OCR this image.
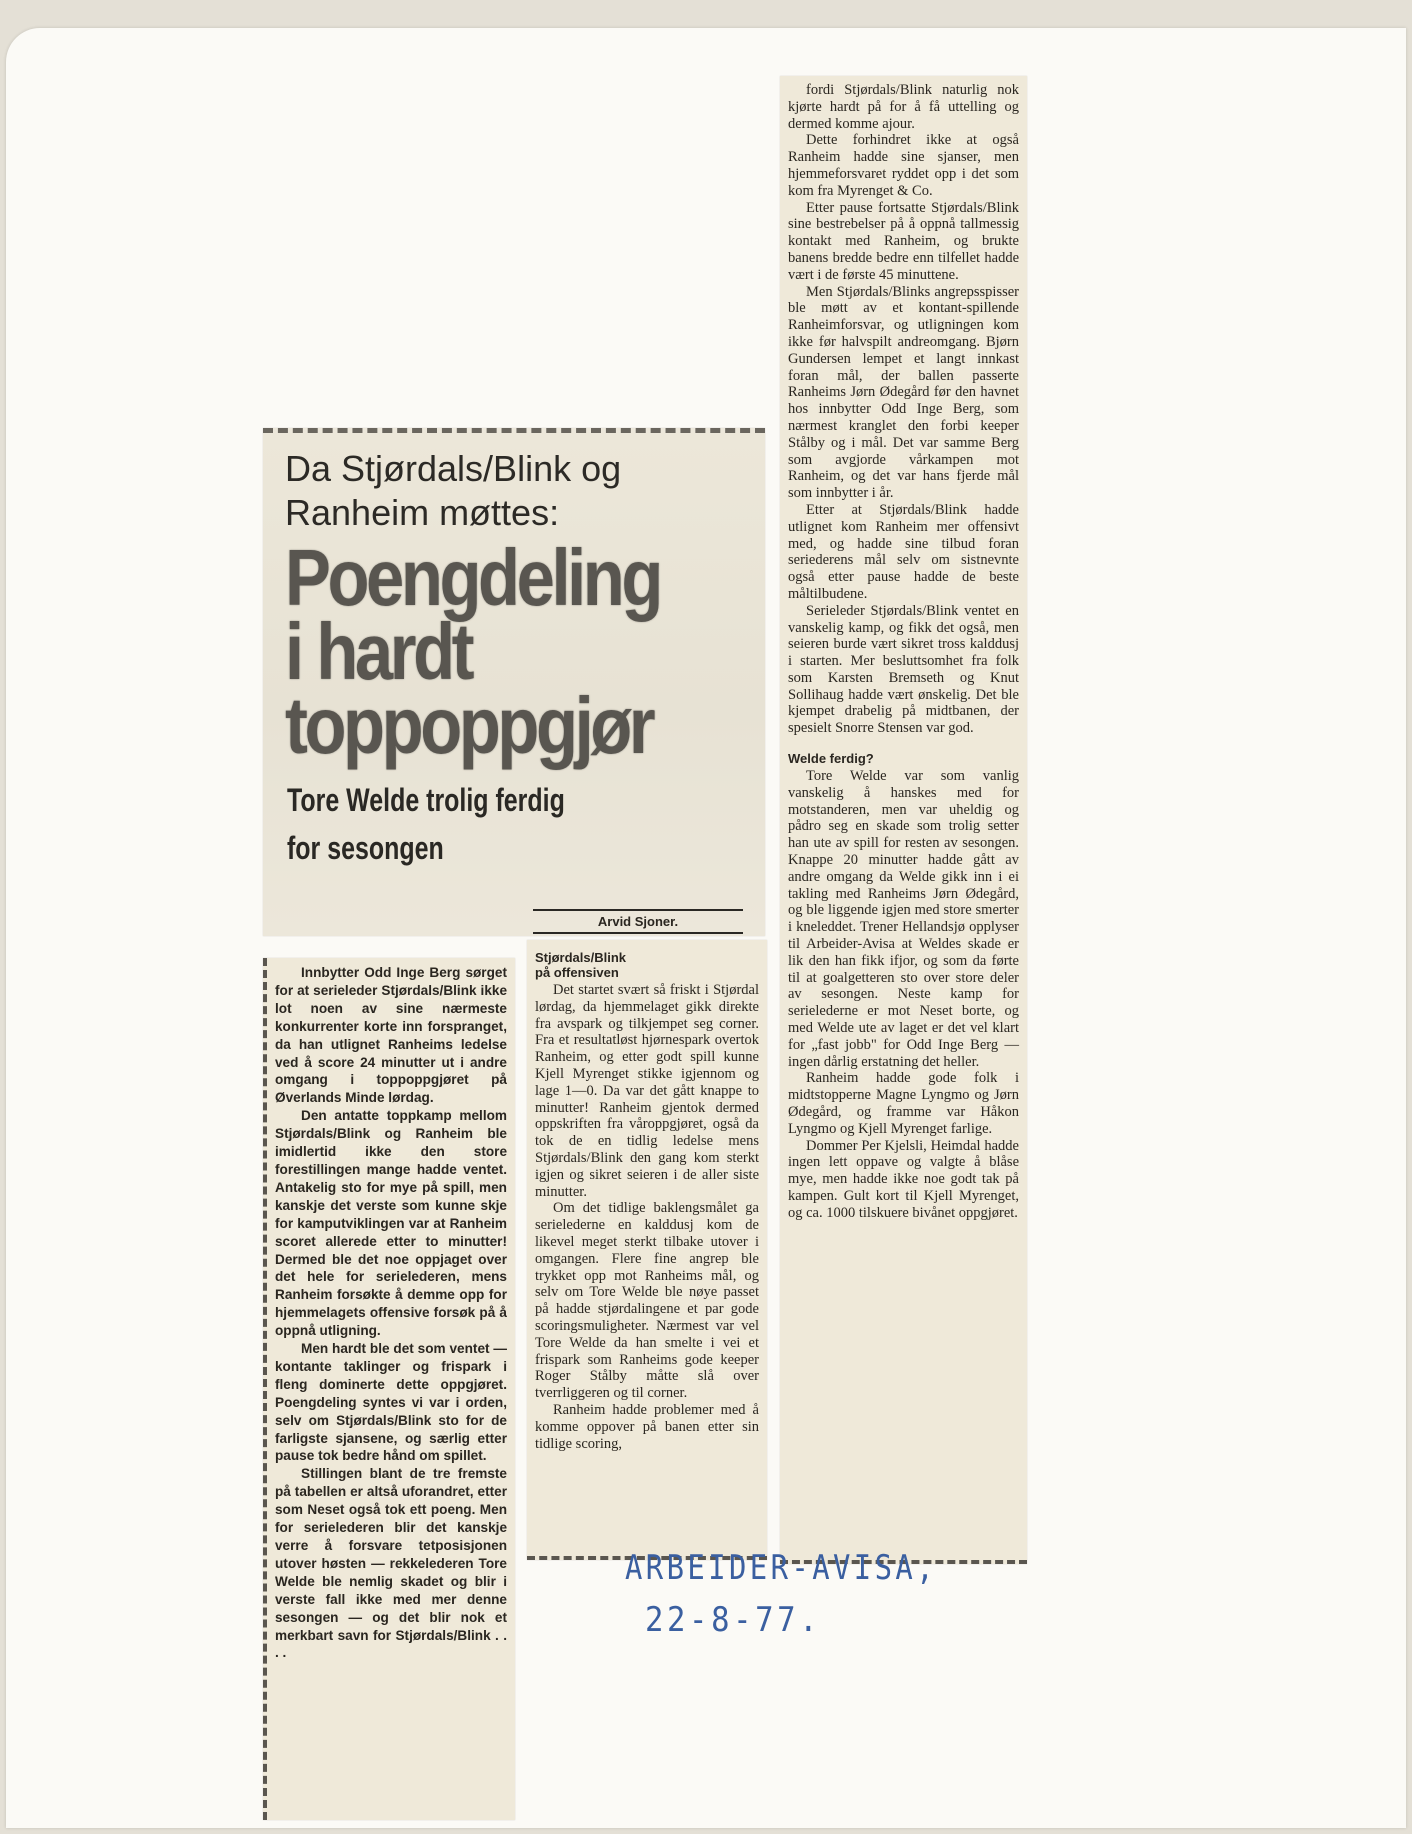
Da Stjørdals/Blink og
Ranheim møttes:
Poengdeling
i hardt
toppoppgjør
Tore Welde trolig ferdig
for sesongen
Arvid Sjoner.

Innbytter Odd Inge Berg sørget for at serieleder Stjørdals/Blink ikke lot noen av sine nærmeste konkurrenter korte inn forspranget, da han utlignet Ranheims ledelse ved å score 24 minutter ut i andre omgang i toppoppgjøret på Øverlands Minde lørdag.

Den antatte toppkamp mellom Stjørdals/Blink og Ranheim ble imidlertid ikke den store forestillingen mange hadde ventet. Antakelig sto for mye på spill, men kanskje det verste som kunne skje for kamputviklingen var at Ranheim scoret allerede etter to minutter! Dermed ble det noe oppjaget over det hele for serielederen, mens Ranheim forsøkte å demme opp for hjemmelagets offensive forsøk på å oppnå utligning.

Men hardt ble det som ventet — kontante taklinger og frispark i fleng dominerte dette oppgjøret. Poengdeling syntes vi var i orden, selv om Stjørdals/Blink sto for de farligste sjansene, og særlig etter pause tok bedre hånd om spillet.

Stillingen blant de tre fremste på tabellen er altså uforandret, etter som Neset også tok ett poeng. Men for serielederen blir det kanskje verre å forsvare tetposisjonen utover høsten — rekkelederen Tore Welde ble nemlig skadet og blir i verste fall ikke med mer denne sesongen — og det blir nok et merkbart savn for Stjørdals/Blink . . . .

Stjørdals/Blink
på offensiven

Det startet svært så friskt i Stjørdal lørdag, da hjemmelaget gikk direkte fra avspark og tilkjempet seg corner. Fra et resultatløst hjørnespark overtok Ranheim, og etter godt spill kunne Kjell Myrenget stikke igjennom og lage 1—0. Da var det gått knappe to minutter! Ranheim gjentok dermed oppskriften fra våroppgjøret, også da tok de en tidlig ledelse mens Stjørdals/Blink den gang kom sterkt igjen og sikret seieren i de aller siste minutter.

Om det tidlige baklengsmålet ga serielederne en kalddusj kom de likevel meget sterkt tilbake utover i omgangen. Flere fine angrep ble trykket opp mot Ranheims mål, og selv om Tore Welde ble nøye passet på hadde stjørdalingene et par gode scoringsmuligheter. Nærmest var vel Tore Welde da han smelte i vei et frispark som Ranheims gode keeper Roger Stålby måtte slå over tverrliggeren og til corner.

Ranheim hadde problemer med å komme oppover på banen etter sin tidlige scoring,

fordi Stjørdals/Blink naturlig nok kjørte hardt på for å få uttelling og dermed komme ajour.

Dette forhindret ikke at også Ranheim hadde sine sjanser, men hjemmeforsvaret ryddet opp i det som kom fra Myrenget & Co.

Etter pause fortsatte Stjørdals/Blink sine bestrebelser på å oppnå tallmessig kontakt med Ranheim, og brukte banens bredde bedre enn tilfellet hadde vært i de første 45 minuttene.

Men Stjørdals/Blinks angrepsspisser ble møtt av et kontant-spillende Ranheimforsvar, og utligningen kom ikke før halvspilt andreomgang. Bjørn Gundersen lempet et langt innkast foran mål, der ballen passerte Ranheims Jørn Ødegård før den havnet hos innbytter Odd Inge Berg, som nærmest kranglet den forbi keeper Stålby og i mål. Det var samme Berg som avgjorde vårkampen mot Ranheim, og det var hans fjerde mål som innbytter i år.

Etter at Stjørdals/Blink hadde utlignet kom Ranheim mer offensivt med, og hadde sine tilbud foran seriederens mål selv om sistnevnte også etter pause hadde de beste måltilbudene.

Serieleder Stjørdals/Blink ventet en vanskelig kamp, og fikk det også, men seieren burde vært sikret tross kalddusj i starten. Mer besluttsomhet fra folk som Karsten Bremseth og Knut Sollihaug hadde vært ønskelig. Det ble kjempet drabelig på midtbanen, der spesielt Snorre Stensen var god.

Welde ferdig?

Tore Welde var som vanlig vanskelig å hanskes med for motstanderen, men var uheldig og pådro seg en skade som trolig setter han ute av spill for resten av sesongen. Knappe 20 minutter hadde gått av andre omgang da Welde gikk inn i ei takling med Ranheims Jørn Ødegård, og ble liggende igjen med store smerter i kneleddet. Trener Hellandsjø opplyser til Arbeider-Avisa at Weldes skade er lik den han fikk ifjor, og som da førte til at goalgetteren sto over store deler av sesongen. Neste kamp for serielederne er mot Neset borte, og med Welde ute av laget er det vel klart for „fast jobb" for Odd Inge Berg — ingen dårlig erstatning det heller.

Ranheim hadde gode folk i midtstopperne Magne Lyngmo og Jørn Ødegård, og framme var Håkon Lyngmo og Kjell Myrenget farlige.

Dommer Per Kjelsli, Heimdal hadde ingen lett oppave og valgte å blåse mye, men hadde ikke noe godt tak på kampen. Gult kort til Kjell Myrenget, og ca. 1000 tilskuere bivånet oppgjøret.

ARBEIDER-AVISA,
22-8-77.
